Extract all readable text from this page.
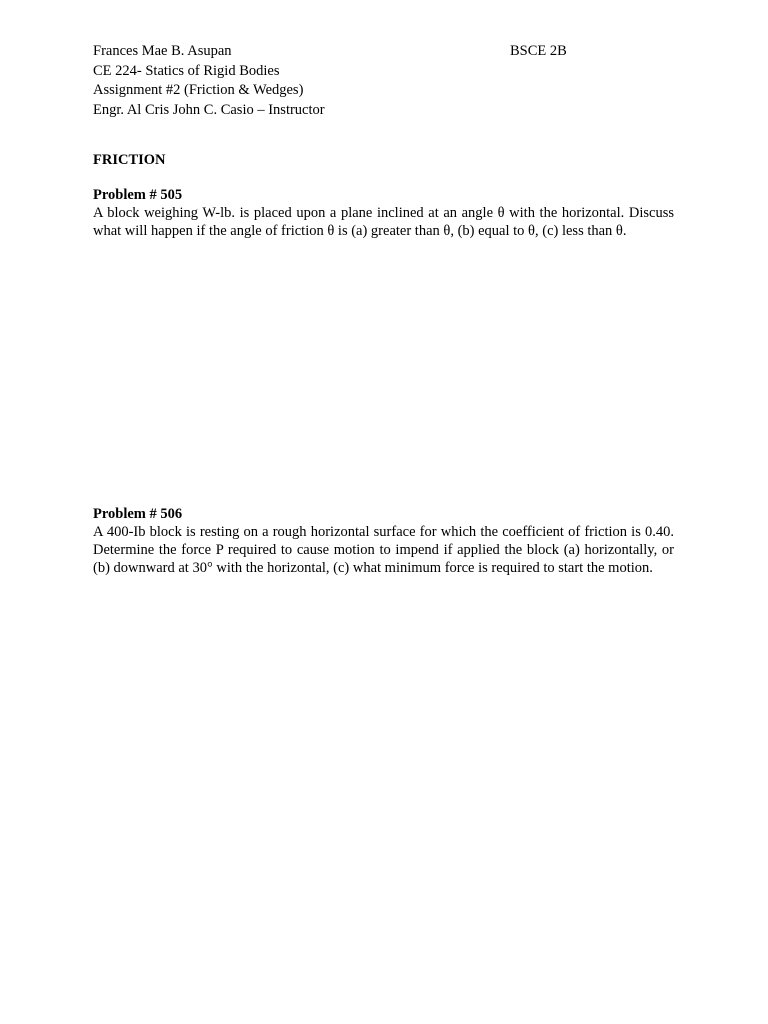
Frances Mae B. Asupan	BSCE 2B
CE 224- Statics of Rigid Bodies
Assignment #2 (Friction & Wedges)
Engr. Al Cris John C. Casio – Instructor
FRICTION
Problem # 505

A block weighing W-lb. is placed upon a plane inclined at an angle θ with the horizontal. Discuss what will happen if the angle of friction θ is (a) greater than θ, (b) equal to θ, (c) less than θ.

Problem # 506

A 400-Ib block is resting on a rough horizontal surface for which the coefficient of friction is 0.40. Determine the force P required to cause motion to impend if applied the block (a) horizontally, or (b) downward at 30° with the horizontal, (c) what minimum force is required to start the motion.
